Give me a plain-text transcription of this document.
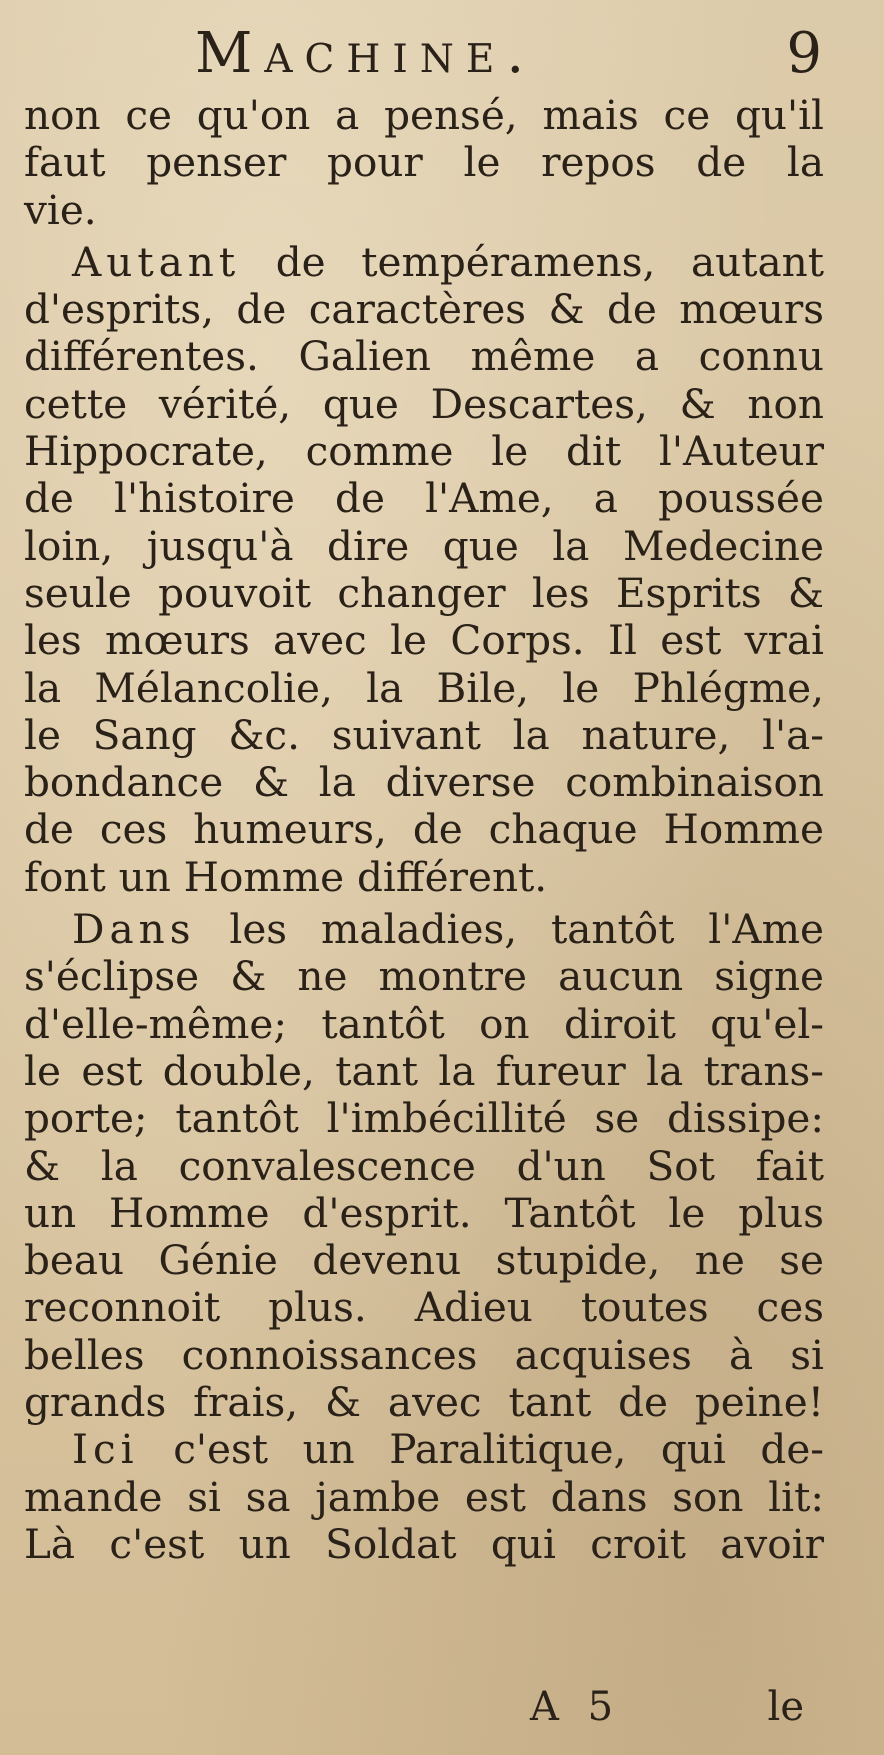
Machine.	9
non ce qu'on a pensé, mais ce qu'il
faut penser pour le repos de la
vie.
Autant de tempéramens, autant
d'esprits, de caractères & de mœurs
différentes. Galien même a connu
cette vérité, que Descartes, & non
Hippocrate, comme le dit l'Auteur
de l'histoire de l'Ame, a poussée
loin, jusqu'à dire que la Medecine
seule pouvoit changer les Esprits &
les mœurs avec le Corps. Il est vrai
la Mélancolie, la Bile, le Phlégme,
le Sang &c. suivant la nature, l'a-
bondance & la diverse combinaison
de ces humeurs, de chaque Homme
font un Homme différent.
Dans les maladies, tantôt l'Ame
s'éclipse & ne montre aucun signe
d'elle-même; tantôt on diroit qu'el-
le est double, tant la fureur la trans-
porte; tantôt l'imbécillité se dissipe:
& la convalescence d'un Sot fait
un Homme d'esprit. Tantôt le plus
beau Génie devenu stupide, ne se
reconnoit plus. Adieu toutes ces
belles connoissances acquises à si
grands frais, & avec tant de peine!
Ici c'est un Paralitique, qui de-
mande si sa jambe est dans son lit:
Là c'est un Soldat qui croit avoir
A 5	le
